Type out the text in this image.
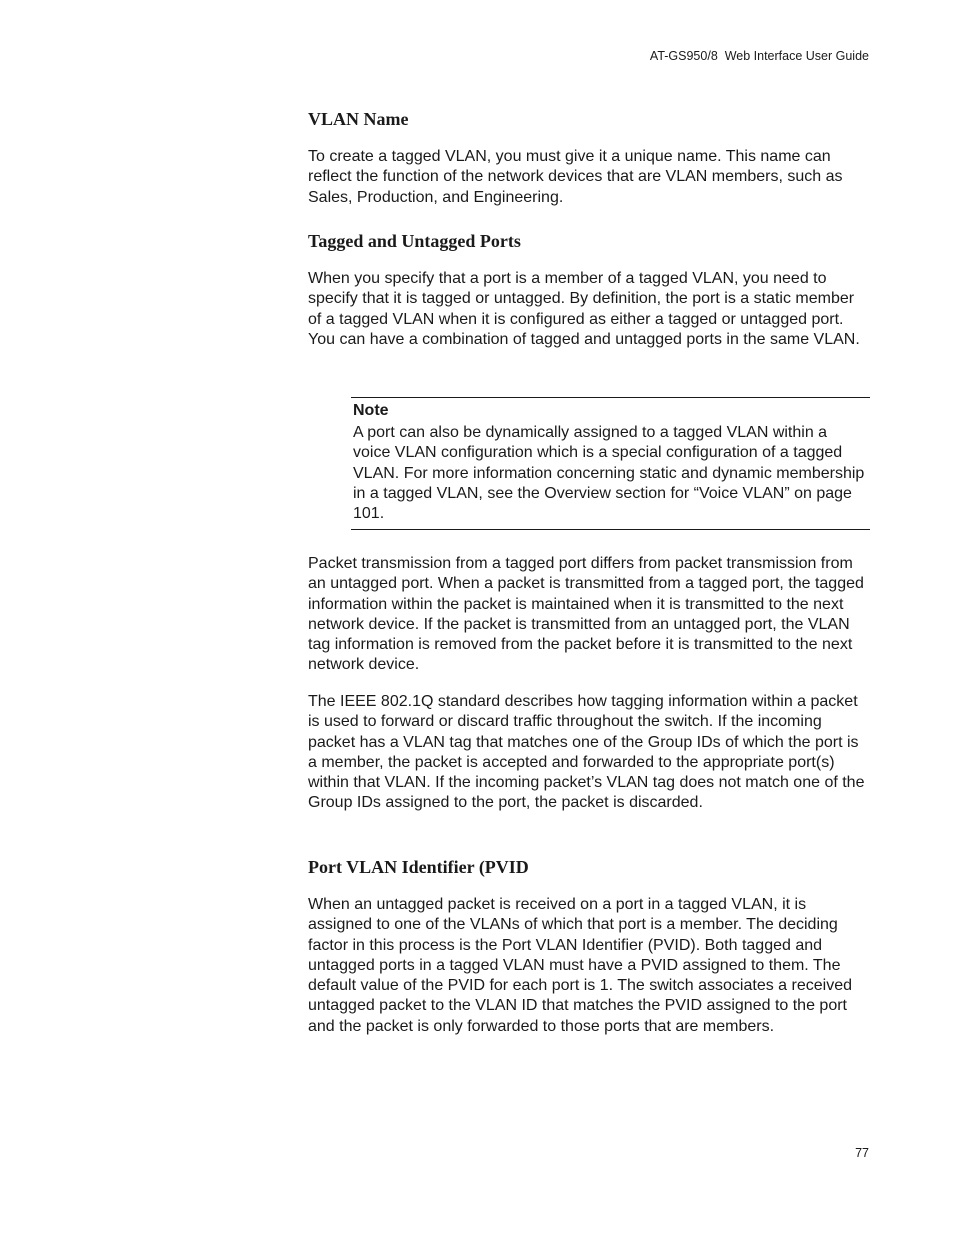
AT-GS950/8  Web Interface User Guide
VLAN Name

To create a tagged VLAN, you must give it a unique name. This name can reflect the function of the network devices that are VLAN members, such as Sales, Production, and Engineering.

Tagged and Untagged Ports

When you specify that a port is a member of a tagged VLAN, you need to specify that it is tagged or untagged. By definition, the port is a static member of a tagged VLAN when it is configured as either a tagged or untagged port. You can have a combination of tagged and untagged ports in the same VLAN.

Note

A port can also be dynamically assigned to a tagged VLAN within a voice VLAN configuration which is a special configuration of a tagged VLAN. For more information concerning static and dynamic membership in a tagged VLAN, see the Overview section for “Voice VLAN” on page 101.

Packet transmission from a tagged port differs from packet transmission from an untagged port. When a packet is transmitted from a tagged port, the tagged information within the packet is maintained when it is transmitted to the next network device. If the packet is transmitted from an untagged port, the VLAN tag information is removed from the packet before it is transmitted to the next network device.

The IEEE 802.1Q standard describes how tagging information within a packet is used to forward or discard traffic throughout the switch. If the incoming packet has a VLAN tag that matches one of the Group IDs of which the port is a member, the packet is accepted and forwarded to the appropriate port(s) within that VLAN. If the incoming packet’s VLAN tag does not match one of the Group IDs assigned to the port, the packet is discarded.

Port VLAN Identifier (PVID

When an untagged packet is received on a port in a tagged VLAN, it is assigned to one of the VLANs of which that port is a member. The deciding factor in this process is the Port VLAN Identifier (PVID). Both tagged and untagged ports in a tagged VLAN must have a PVID assigned to them. The default value of the PVID for each port is 1. The switch associates a received untagged packet to the VLAN ID that matches the PVID assigned to the port and the packet is only forwarded to those ports that are members.

77
